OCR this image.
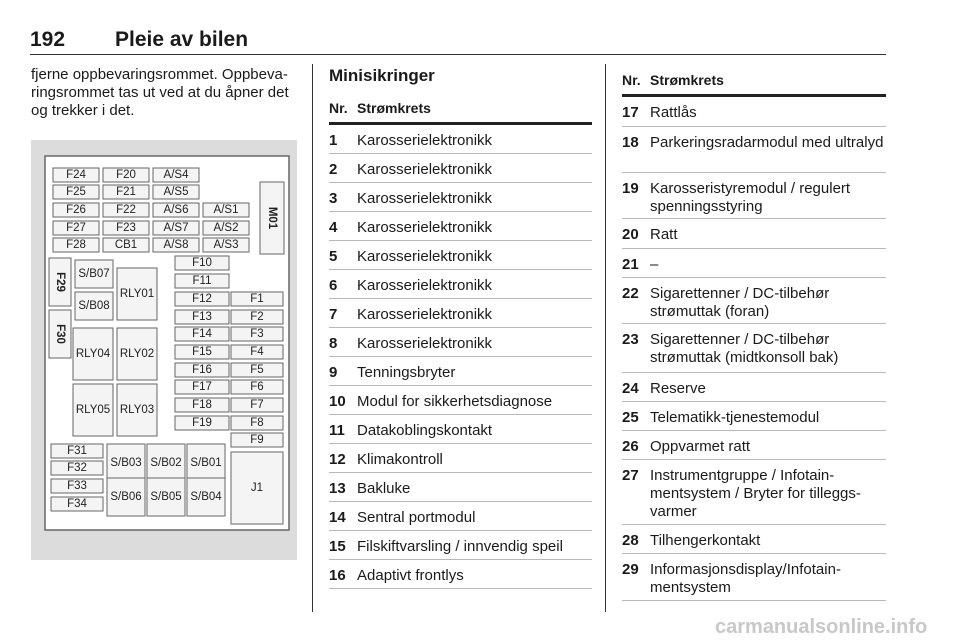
192 Pleie av bilen
fjerne oppbevaringsrommet. Oppbevaringsrommet tas ut ved at du åpner det og trekker i det.
F24	F20 A/S4
F25	F21 A/S5
F26	F22 A/S6 A/S1
F27	F23 A/S7 A/S2
F28	CB1 A/S8 A/S3
M01
F29
F30
S/B07
S/B08
RLY01
F10
F11
F12	F1
F13	F2
F14	F3
F15	F4
F16	F5
F17	F6
F18	F7
F19	F8
F9
RLY04 RLY02
RLY05 RLY03
F31
F32
F33
F34
S/B03 S/B02 S/B01
S/B06 S/B05 S/B04
J1
Minisikringer
Nr. Strømkrets
1 Karosserielektronikk
2 Karosserielektronikk
3 Karosserielektronikk
4 Karosserielektronikk
5 Karosserielektronikk
6 Karosserielektronikk
7 Karosserielektronikk
8 Karosserielektronikk
9 Tenningsbryter
10 Modul for sikkerhetsdiagnose
11 Datakoblingskontakt
12 Klimakontroll
13 Bakluke
14 Sentral portmodul
15 Filskiftvarsling / innvendig speil
16 Adaptivt frontlys
Nr. Strømkrets
17 Rattlås
18 Parkeringsradarmodul med ultralyd
19 Karosseristyremodul / regulert spenningsstyring
20 Ratt
21 –
22 Sigarettenner / DC-tilbehør strømuttak (foran)
23 Sigarettenner / DC-tilbehør strømuttak (midtkonsoll bak)
24 Reserve
25 Telematikk-tjenestemodul
26 Oppvarmet ratt
27 Instrumentgruppe / Infotainmentsystem / Bryter for tilleggsvarmer
28 Tilhengerkontakt
29 Informasjonsdisplay/Infotainmentsystem
carmanualsonline.info
